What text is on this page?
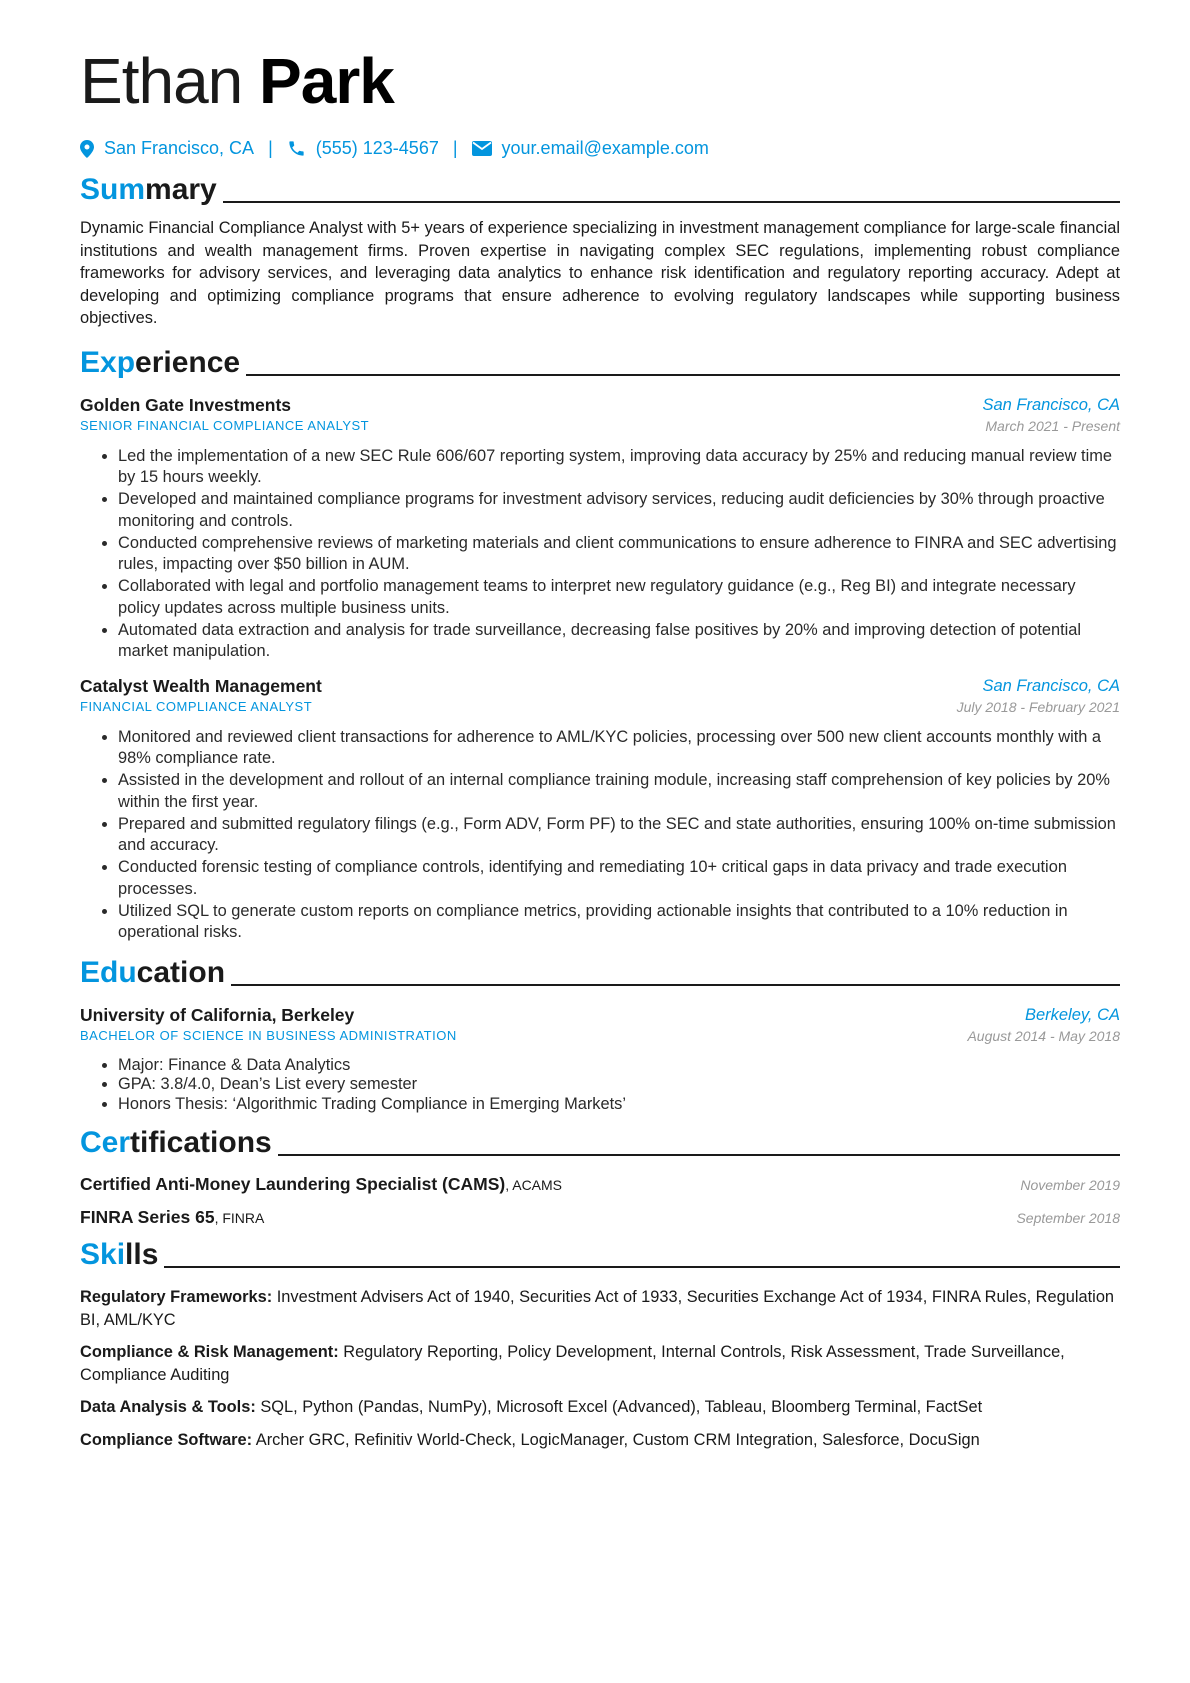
Ethan Park
San Francisco, CA | (555) 123-4567 | your.email@example.com
Summary
Dynamic Financial Compliance Analyst with 5+ years of experience specializing in investment management compliance for large-scale financial institutions and wealth management firms. Proven expertise in navigating complex SEC regulations, implementing robust compliance frameworks for advisory services, and leveraging data analytics to enhance risk identification and regulatory reporting accuracy. Adept at developing and optimizing compliance programs that ensure adherence to evolving regulatory landscapes while supporting business objectives.
Experience
Golden Gate Investments
SENIOR FINANCIAL COMPLIANCE ANALYST
San Francisco, CA
March 2021 - Present
• Led the implementation of a new SEC Rule 606/607 reporting system, improving data accuracy by 25% and reducing manual review time by 15 hours weekly.
• Developed and maintained compliance programs for investment advisory services, reducing audit deficiencies by 30% through proactive monitoring and controls.
• Conducted comprehensive reviews of marketing materials and client communications to ensure adherence to FINRA and SEC advertising rules, impacting over $50 billion in AUM.
• Collaborated with legal and portfolio management teams to interpret new regulatory guidance (e.g., Reg BI) and integrate necessary policy updates across multiple business units.
• Automated data extraction and analysis for trade surveillance, decreasing false positives by 20% and improving detection of potential market manipulation.
Catalyst Wealth Management
FINANCIAL COMPLIANCE ANALYST
San Francisco, CA
July 2018 - February 2021
• Monitored and reviewed client transactions for adherence to AML/KYC policies, processing over 500 new client accounts monthly with a 98% compliance rate.
• Assisted in the development and rollout of an internal compliance training module, increasing staff comprehension of key policies by 20% within the first year.
• Prepared and submitted regulatory filings (e.g., Form ADV, Form PF) to the SEC and state authorities, ensuring 100% on-time submission and accuracy.
• Conducted forensic testing of compliance controls, identifying and remediating 10+ critical gaps in data privacy and trade execution processes.
• Utilized SQL to generate custom reports on compliance metrics, providing actionable insights that contributed to a 10% reduction in operational risks.
Education
University of California, Berkeley
BACHELOR OF SCIENCE IN BUSINESS ADMINISTRATION
Berkeley, CA
August 2014 - May 2018
• Major: Finance & Data Analytics
• GPA: 3.8/4.0, Dean’s List every semester
• Honors Thesis: ‘Algorithmic Trading Compliance in Emerging Markets’
Certifications
Certified Anti-Money Laundering Specialist (CAMS), ACAMS	November 2019
FINRA Series 65, FINRA	September 2018
Skills
Regulatory Frameworks: Investment Advisers Act of 1940, Securities Act of 1933, Securities Exchange Act of 1934, FINRA Rules, Regulation BI, AML/KYC
Compliance & Risk Management: Regulatory Reporting, Policy Development, Internal Controls, Risk Assessment, Trade Surveillance, Compliance Auditing
Data Analysis & Tools: SQL, Python (Pandas, NumPy), Microsoft Excel (Advanced), Tableau, Bloomberg Terminal, FactSet
Compliance Software: Archer GRC, Refinitiv World-Check, LogicManager, Custom CRM Integration, Salesforce, DocuSign
